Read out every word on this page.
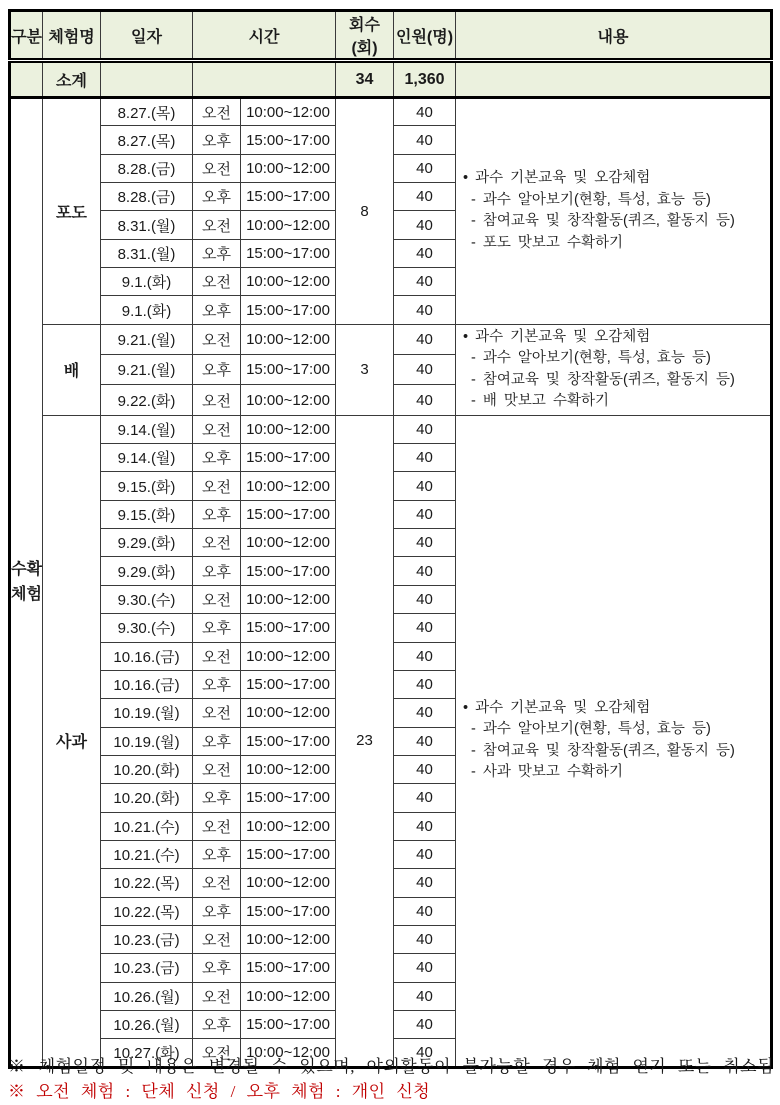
구분	체험명	일자	시간		회수(회)	인원(명)	내용
	소계				34	1,360	

수확
체험
	포도	8.27.(목)	오전	10:00~12:00	8	40	
• 과수 기본교육 및 오감체험
- 과수 알아보기(현황, 특성, 효능 등)
- 참여교육 및 창작활동(퀴즈, 활동지 등)
- 포도 맛보고 수확하기

		8.27.(목)	오후	15:00~17:00		40	
		8.28.(금)	오전	10:00~12:00		40	
		8.28.(금)	오후	15:00~17:00		40	
		8.31.(월)	오전	10:00~12:00		40	
		8.31.(월)	오후	15:00~17:00		40	
		9.1.(화)	오전	10:00~12:00		40	
		9.1.(화)	오후	15:00~17:00		40	
	배	9.21.(월)	오전	10:00~12:00	3	40	• 과수 기본교육 및 오감체험
- 과수 알아보기(현황, 특성, 효능 등)
- 참여교육 및 창작활동(퀴즈, 활동지 등)
- 배 맛보고 수확하기

		9.21.(월)	오후	15:00~17:00		40	
		9.22.(화)	오전	10:00~12:00		40	
	사과	9.14.(월)	오전	10:00~12:00	23	40	• 과수 기본교육 및 오감체험
- 과수 알아보기(현황, 특성, 효능 등)
- 참여교육 및 창작활동(퀴즈, 활동지 등)
- 사과 맛보고 수확하기

		9.14.(월)	오후	15:00~17:00		40	
		9.15.(화)	오전	10:00~12:00		40	
		9.15.(화)	오후	15:00~17:00		40	
		9.29.(화)	오전	10:00~12:00		40	
		9.29.(화)	오후	15:00~17:00		40	
		9.30.(수)	오전	10:00~12:00		40	
		9.30.(수)	오후	15:00~17:00		40	
		10.16.(금)	오전	10:00~12:00		40	
		10.16.(금)	오후	15:00~17:00		40	
		10.19.(월)	오전	10:00~12:00		40	
		10.19.(월)	오후	15:00~17:00		40	
		10.20.(화)	오전	10:00~12:00		40	
		10.20.(화)	오후	15:00~17:00		40	
		10.21.(수)	오전	10:00~12:00		40	
		10.21.(수)	오후	15:00~17:00		40	
		10.22.(목)	오전	10:00~12:00		40	
		10.22.(목)	오후	15:00~17:00		40	
		10.23.(금)	오전	10:00~12:00		40	
		10.23.(금)	오후	15:00~17:00		40	
		10.26.(월)	오전	10:00~12:00		40	
		10.26.(월)	오후	15:00~17:00		40	
		10.27.(화)	오전	10:00~12:00		40	
※ 체험일정 및 내용은 변경될 수 있으며, 야외활동이 불가능할 경우 체험 연기 또는 취소됨
※ 오전 체험 : 단체 신청 / 오후 체험 : 개인 신청
